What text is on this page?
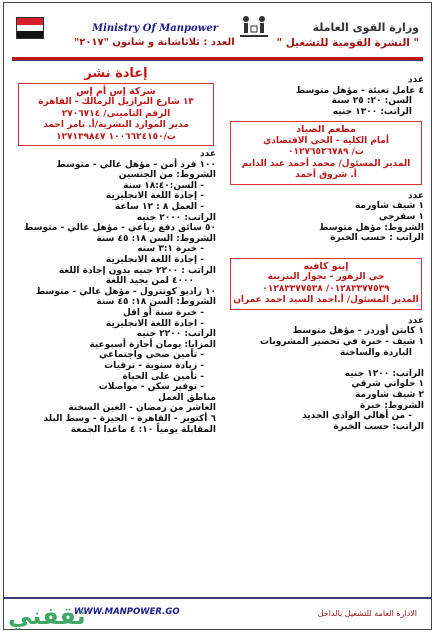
Ministry Of Manpower	وزارة القوى العاملة
" النشرة القومية للتشغيل "
العدد : ثلاثاشانة و شانون "٢٠١٧"
إعادة نشر
شركة إس أم إس
١٣ شارع البرازيل الزمالك - القاهرة
الرقم التامينى/ ٢٧٠٦٧١٤
مدير الموارد البشرية/أ. تامر احمد
ت/١٠٠٦٦٢٤١٥٠ ١٢٧١٣٩٨٤٧
عدد
١٠٠ فرد أمن - مؤهل عالي - متوسط
الشروط: من الجنسين
- السن:١٨:٤٠ سنة
- إجادة اللغة الانجليزية
- العمل ٨ : ١٢ ساعة
الراتب: ٢٠٠٠ جنيه
٥٠ سائق دفع رباعي - مؤهل عالي - متوسط
الشروط: السن ١٨: ٤٥ سنة
- خبرة ٣:١ سنه
- إجادة اللغة الانجليزية
الراتب : ٢٢٠٠ جنيه بدون إجادة اللغة
٤٠٠٠ لمن يجيد اللغة
١٠ راديو كونترول - مؤهل عالي - متوسط
الشروط: السن ١٨: ٤٥ سنة
- خبرة سنة أو اقل
- اجادة اللغة الانجليزية
الراتب: ٢٢٠٠ جنيه
المزايا: يومان أجازة أسبوعية
- تأمين صحي واجتماعي
- زيادة سنوية - ترقيات
- تأمين على الحياة
- توفير سكن - مواصلات
مناطق العمل
العاشر من رمضان - العين السخنة
٦ أكتوبر - القاهرة - الجيزة - وسط البلد
المقابلة يومياً ١٠: ٤ ماعدا الجمعة
عدد
٤ عامل تعبئة - مؤهل متوسط
السن: ٢٠: ٢٥ سنة
الراتب: ١٣٠٠ جنيه
مطعم الصياد
أمام الكلية - الحي الاقتصادي
ت/ ٠١٢٧٦٥٢٦٧٨٩
المدير المسئول/ محمد أحمد عبد الدايم
أ. شروق أحمد
عدد
١ شيف شاورمة
١ سفرجي
الشروط: مؤهل متوسط
الراتب : حسب الخبرة
إينو كافيه
حي الزهور - بجوار البنزينة
٠١٢٨٣٣٧٧٥٣٩/ ٠١٢٨٣٣٧٧٥٣٨
المدير المسئول/ أ.احمد السيد احمد عمران
عدد
١ كابتن أوردر - مؤهل متوسط
١ شيف - خبرة في تحضير المشروبات
الباردة والساخنة

الراتب: ١٢٠٠ جنيه
١ حلواني شرقي
٢ شيف شاورمة
الشروط: خبرة
- من أهالي الوادي الجديد
الراتب: حسب الخبرة
WWW.MANPOWER.GO	الادارة العامة للتشغيل بالداخل
ثقفني
